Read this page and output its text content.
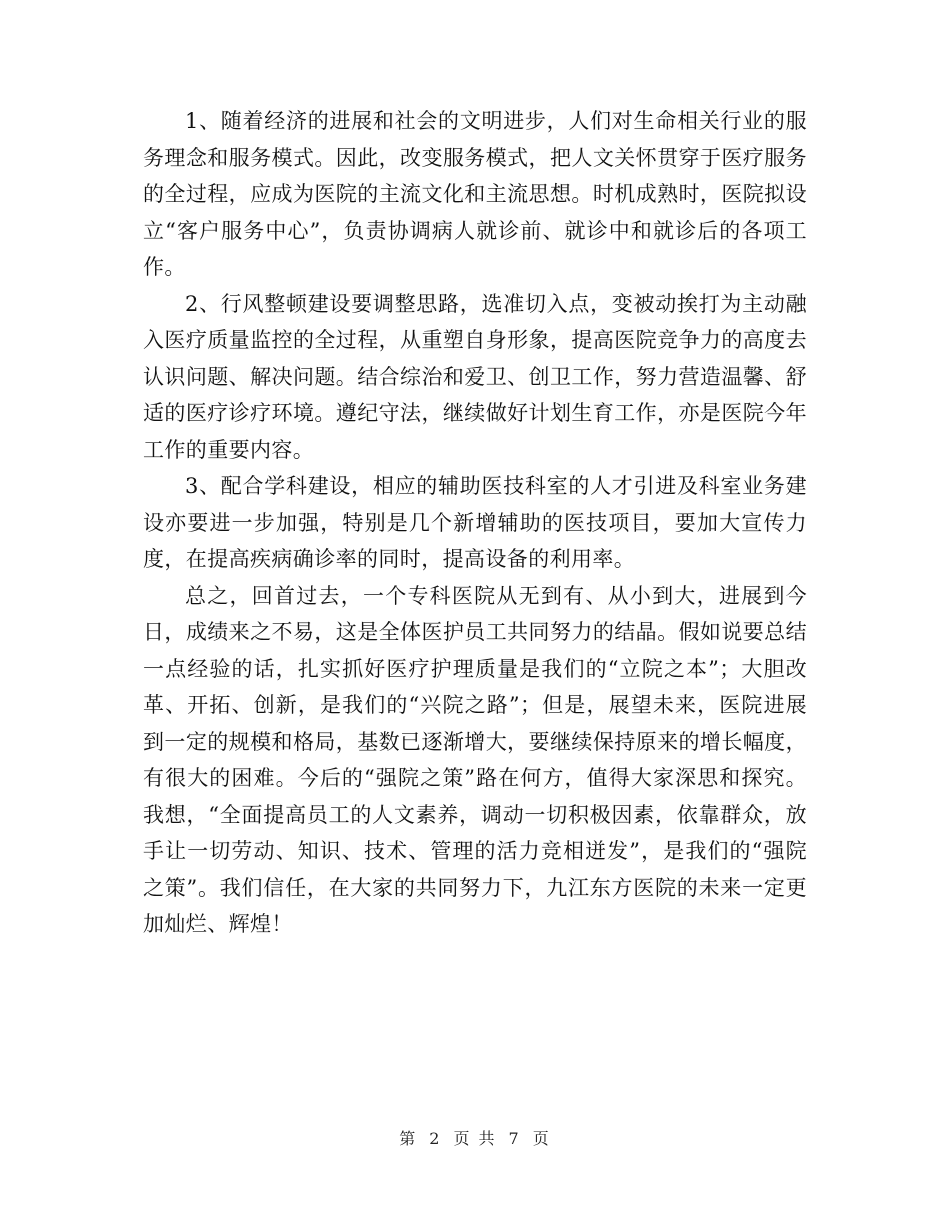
1、随着经济的进展和社会的文明进步，人们对生命相关行业的服务理念和服务模式。因此，改变服务模式，把人文关怀贯穿于医疗服务的全过程，应成为医院的主流文化和主流思想。时机成熟时，医院拟设立“客户服务中心”，负责协调病人就诊前、就诊中和就诊后的各项工作。

2、行风整顿建设要调整思路，选准切入点，变被动挨打为主动融入医疗质量监控的全过程，从重塑自身形象，提高医院竞争力的高度去认识问题、解决问题。结合综治和爱卫、创卫工作，努力营造温馨、舒适的医疗诊疗环境。遵纪守法，继续做好计划生育工作，亦是医院今年工作的重要内容。

3、配合学科建设，相应的辅助医技科室的人才引进及科室业务建设亦要进一步加强，特别是几个新增辅助的医技项目，要加大宣传力度，在提高疾病确诊率的同时，提高设备的利用率。

总之，回首过去，一个专科医院从无到有、从小到大，进展到今日，成绩来之不易，这是全体医护员工共同努力的结晶。假如说要总结一点经验的话，扎实抓好医疗护理质量是我们的“立院之本”；大胆改革、开拓、创新，是我们的“兴院之路”；但是，展望未来，医院进展到一定的规模和格局，基数已逐渐增大，要继续保持原来的增长幅度，有很大的困难。今后的“强院之策”路在何方，值得大家深思和探究。我想，“全面提高员工的人文素养，调动一切积极因素，依靠群众，放手让一切劳动、知识、技术、管理的活力竞相迸发”，是我们的“强院之策”。我们信任，在大家的共同努力下，九江东方医院的未来一定更加灿烂、辉煌！

第 2 页 共 7 页
